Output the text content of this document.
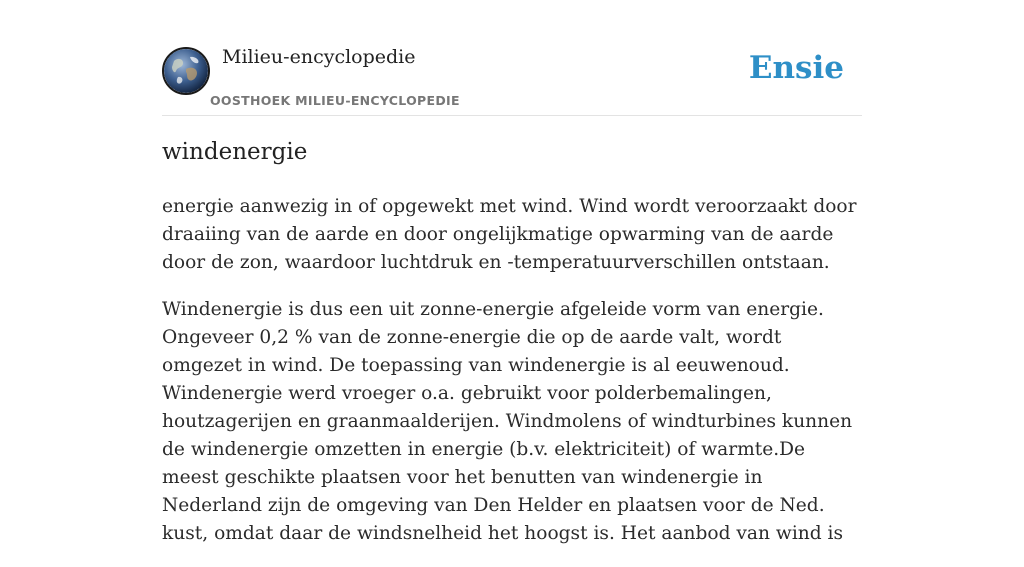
Milieu-encyclopedie
OOSTHOEK MILIEU-ENCYCLOPEDIE
Ensie
windenergie

energie aanwezig in of opgewekt met wind. Wind wordt veroorzaakt door draaiing van de aarde en door ongelijkmatige opwarming van de aarde door de zon, waardoor luchtdruk en -temperatuurverschillen ontstaan.

Windenergie is dus een uit zonne-energie afgeleide vorm van energie. Ongeveer 0,2 % van de zonne-energie die op de aarde valt, wordt omgezet in wind. De toepassing van windenergie is al eeuwenoud. Windenergie werd vroeger o.a. gebruikt voor polderbemalingen, houtzagerijen en graanmaalderijen. Windmolens of windturbines kunnen de windenergie omzetten in energie (b.v. elektriciteit) of warmte.De meest geschikte plaatsen voor het benutten van windenergie in Nederland zijn de omgeving van Den Helder en plaatsen voor de Ned. kust, omdat daar de windsnelheid het hoogst is. Het aanbod van wind is
